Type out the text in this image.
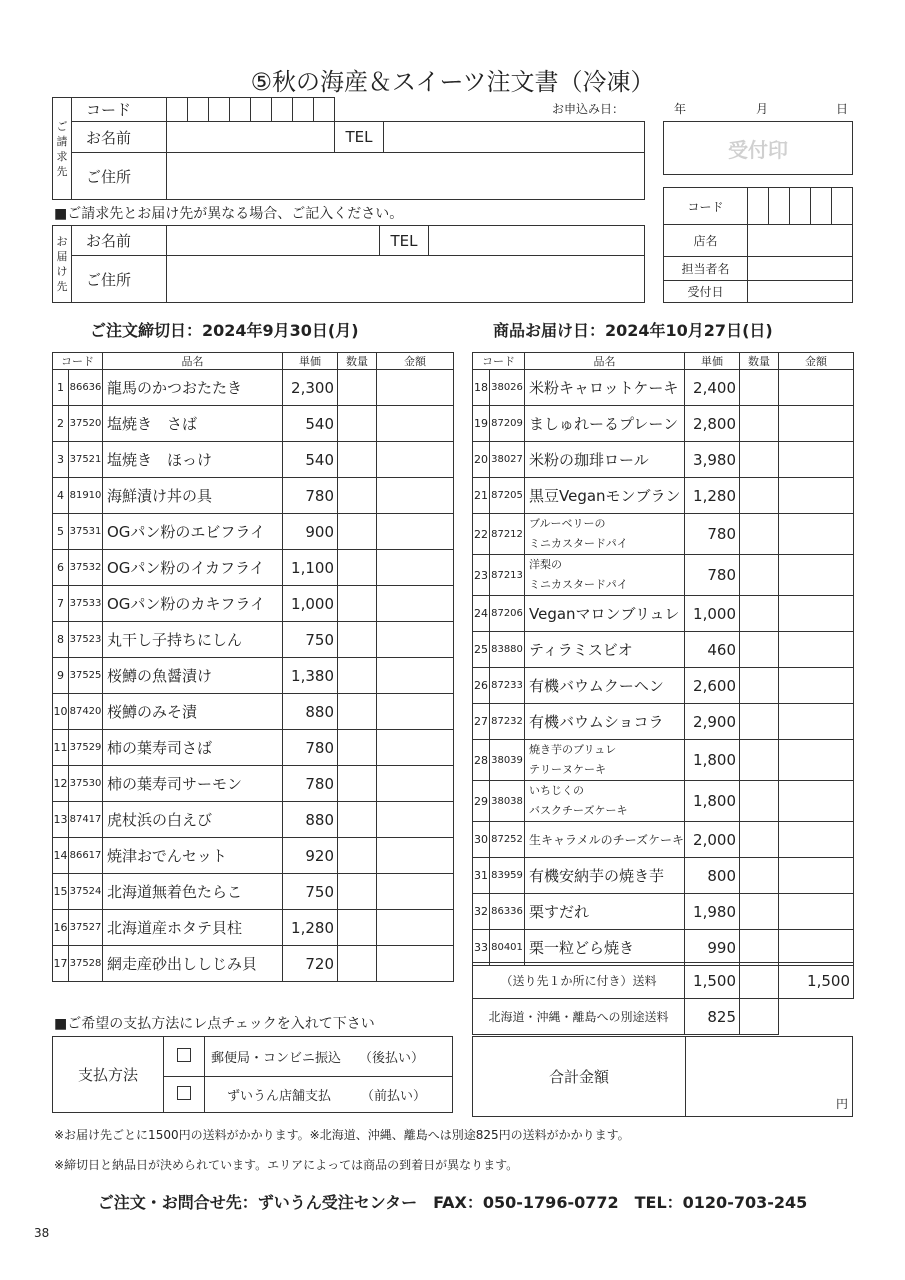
⑤秋の海産＆スイーツ注文書（冷凍）
お申込み日：	年	月	日
ご
請
求
先	コード										
	お名前									TEL	
	ご住所										
受付印
■ご請求先とお届け先が異なる場合、ご記入ください。
お
届
け
先	お名前		TEL	
	ご住所			
コード					
店名					
担当者名					
受付日					
ご注文締切日：2024年9月30日(月)	商品お届け日：2024年10月27日(日)
コード		品名	単価	数量	金額
1	86636	龍馬のかつおたたき	2,300		
2	37520	塩焼き　さば	540		
3	37521	塩焼き　ほっけ	540		
4	81910	海鮮漬け丼の具	780		
5	37531	OGパン粉のエビフライ	900		
6	37532	OGパン粉のイカフライ	1,100		
7	37533	OGパン粉のカキフライ	1,000		
8	37523	丸干し子持ちにしん	750		
9	37525	桜鱒の魚醤漬け	1,380		
10	87420	桜鱒のみそ漬	880		
11	37529	柿の葉寿司さば	780		
12	37530	柿の葉寿司サーモン	780		
13	87417	虎杖浜の白えび	880		
14	86617	焼津おでんセット	920		
15	37524	北海道無着色たらこ	750		
16	37527	北海道産ホタテ貝柱	1,280		
17	37528	網走産砂出ししじみ貝	720		
コード		品名	単価	数量	金額
18	38026	米粉キャロットケーキ	2,400		
19	87209	ましゅれーるプレーン	2,800		
20	38027	米粉の珈琲ロール	3,980		
21	87205	黒豆Veganモンブラン	1,280		
22	87212	ブルーベリーの
ミニカスタードパイ	780		
23	87213	洋梨の
ミニカスタードパイ	780		
24	87206	Veganマロンブリュレ	1,000		
25	83880	ティラミスビオ	460		
26	87233	有機バウムクーヘン	2,600		
27	87232	有機バウムショコラ	2,900		
28	38039	焼き芋のブリュレ
テリーヌケーキ	1,800		
29	38038	いちじくの
バスクチーズケーキ	1,800		
30	87252	生キャラメルのチーズケーキ	2,000		
31	83959	有機安納芋の焼き芋	800		
32	86336	栗すだれ	1,980		
33	80401	栗一粒どら焼き	990		
（送り先１か所に付き）送料	1,500		1,500
北海道・沖縄・離島への別途送料	825		
■ご希望の支払方法にレ点チェックを入れて下さい
支払方法		郵便局・コンビニ振込 （後払い）
		ずいうん店舗支払 （前払い）
合計金額	
円
※お届け先ごとに1500円の送料がかかります。※北海道、沖縄、離島へは別途825円の送料がかかります。
※締切日と納品日が決められています。エリアによっては商品の到着日が異なります。
ご注文・お問合せ先：ずいうん受注センター　FAX：050-1796-0772　TEL：0120-703-245
38
